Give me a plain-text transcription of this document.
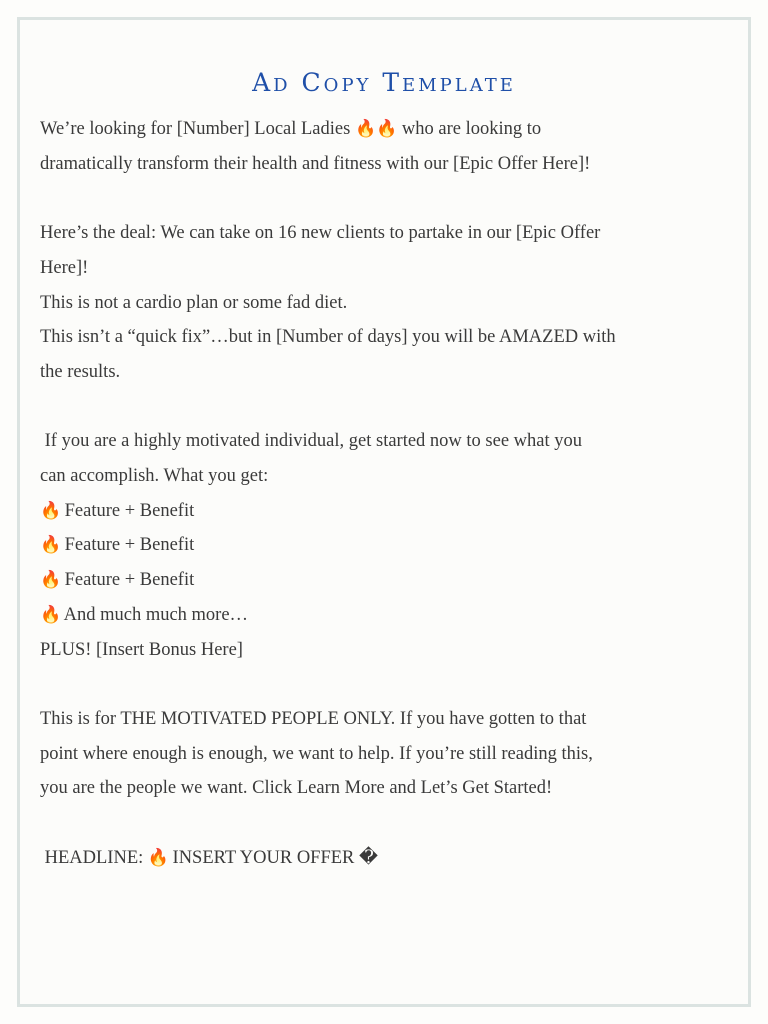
Ad Copy Template
We’re looking for [Number] Local Ladies 🔥🔥 who are looking to
dramatically transform their health and fitness with our [Epic Offer Here]!
Here’s the deal: We can take on 16 new clients to partake in our [Epic Offer
Here]!
This is not a cardio plan or some fad diet.
This isn’t a “quick fix”…but in [Number of days] you will be AMAZED with
the results.
If you are a highly motivated individual, get started now to see what you
can accomplish. What you get:
🔥 Feature + Benefit
🔥 Feature + Benefit
🔥 Feature + Benefit
🔥 And much much more…
PLUS! [Insert Bonus Here]
This is for THE MOTIVATED PEOPLE ONLY. If you have gotten to that
point where enough is enough, we want to help. If you’re still reading this,
you are the people we want. Click Learn More and Let’s Get Started!
HEADLINE: 🔥 INSERT YOUR OFFER �
